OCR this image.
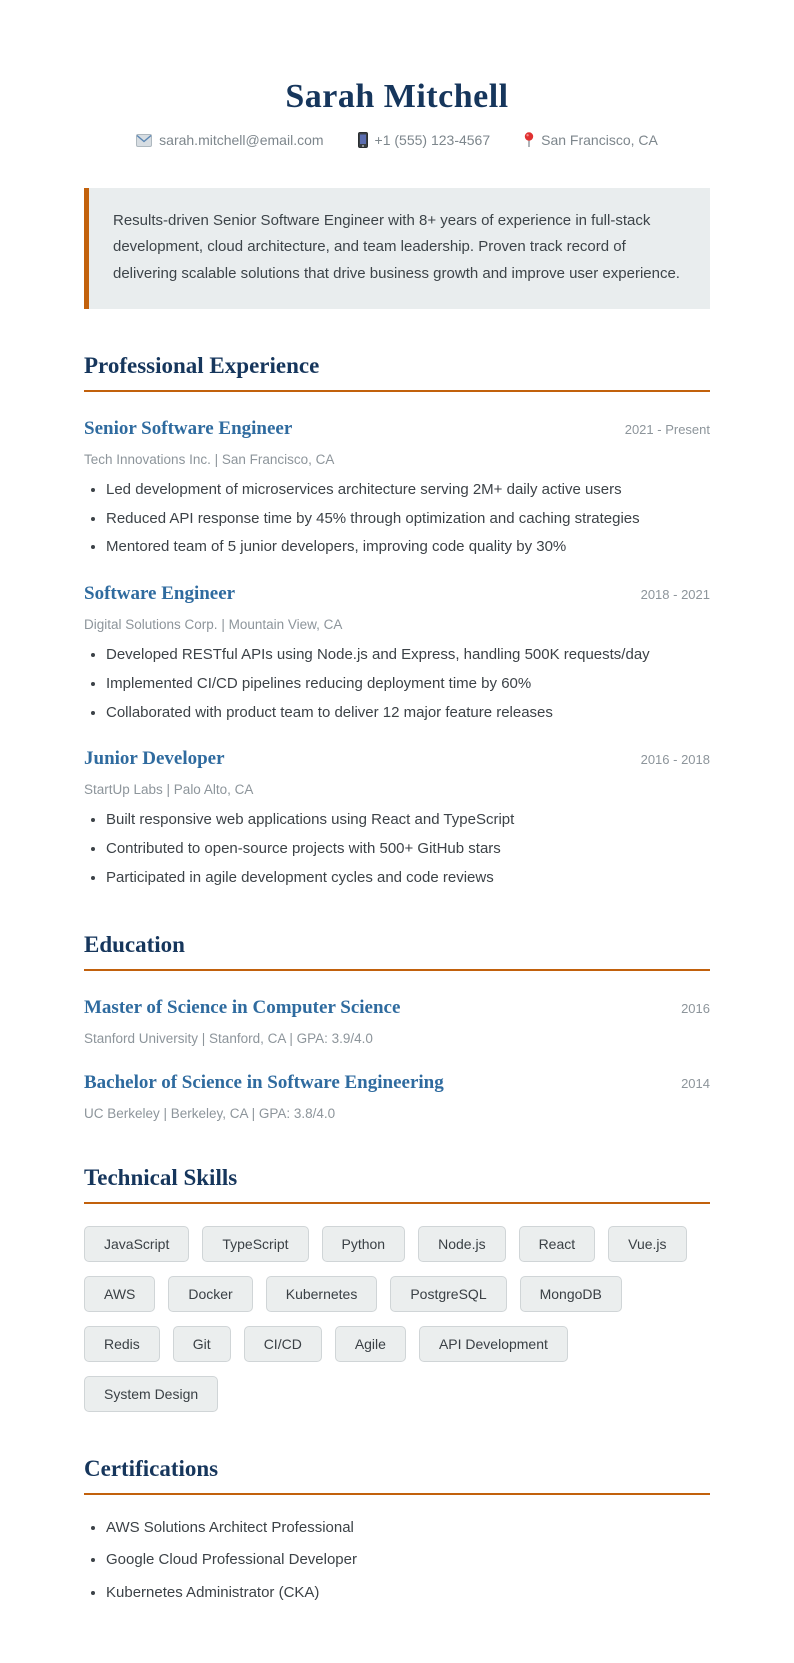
Sarah Mitchell
sarah.mitchell@email.com	+1 (555) 123-4567	San Francisco, CA
Results-driven Senior Software Engineer with 8+ years of experience in full-stack development, cloud architecture, and team leadership. Proven track record of delivering scalable solutions that drive business growth and improve user experience.
Professional Experience
Senior Software Engineer	2021 - Present
Tech Innovations Inc. | San Francisco, CA
• Led development of microservices architecture serving 2M+ daily active users
• Reduced API response time by 45% through optimization and caching strategies
• Mentored team of 5 junior developers, improving code quality by 30%
Software Engineer	2018 - 2021
Digital Solutions Corp. | Mountain View, CA
• Developed RESTful APIs using Node.js and Express, handling 500K requests/day
• Implemented CI/CD pipelines reducing deployment time by 60%
• Collaborated with product team to deliver 12 major feature releases
Junior Developer	2016 - 2018
StartUp Labs | Palo Alto, CA
• Built responsive web applications using React and TypeScript
• Contributed to open-source projects with 500+ GitHub stars
• Participated in agile development cycles and code reviews
Education
Master of Science in Computer Science	2016
Stanford University | Stanford, CA | GPA: 3.9/4.0
Bachelor of Science in Software Engineering	2014
UC Berkeley | Berkeley, CA | GPA: 3.8/4.0
Technical Skills
JavaScript	TypeScript	Python	Node.js	React	Vue.js
AWS	Docker	Kubernetes	PostgreSQL	MongoDB
Redis	Git	CI/CD	Agile	API Development
System Design
Certifications
• AWS Solutions Architect Professional
• Google Cloud Professional Developer
• Kubernetes Administrator (CKA)
